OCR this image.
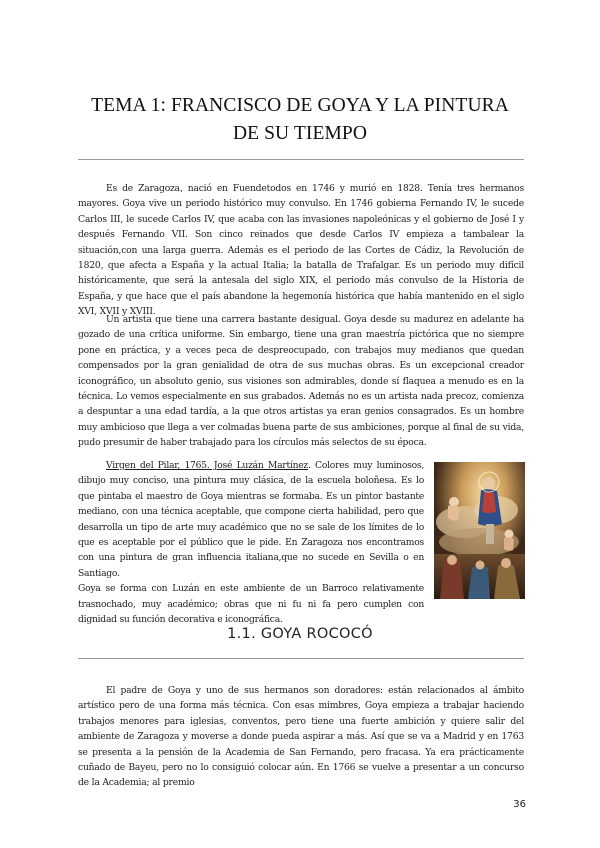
TEMA 1: FRANCISCO DE GOYA Y LA PINTURA
DE SU TIEMPO

Es de Zaragoza, nació en Fuendetodos en 1746 y murió en 1828. Tenía tres hermanos mayores. Goya vive un periodo histórico muy convulso. En 1746 gobierna Fernando IV, le sucede Carlos III, le sucede Carlos IV, que acaba con las invasiones napoleónicas y el gobierno de José I y después Fernando VII. Son cinco reinados que desde Carlos IV empieza a tambalear la situación,con una larga guerra. Además es el periodo de las Cortes de Cádiz, la Revolución de 1820, que afecta a España y la actual Italia; la batalla de Trafalgar. Es un periodo muy difícil históricamente, que será la antesala del siglo XIX, el periodo más convulso de la Historia de España, y que hace que el país abandone la hegemonía histórica que había mantenido en el siglo XVI, XVII y XVIII.

Un artista que tiene una carrera bastante desigual. Goya desde su madurez en adelante ha gozado de una crítica uniforme. Sin embargo, tiene una gran maestría pictórica que no siempre pone en práctica, y a veces peca de despreocupado, con trabajos muy medianos que quedan compensados por la gran genialidad de otra de sus muchas obras. Es un excepcional creador iconográfico, un absoluto genio, sus visiones son admirables, donde sí flaquea a menudo es en la técnica. Lo vemos especialmente en sus grabados. Además no es un artista nada precoz, comienza a despuntar a una edad tardía, a la que otros artistas ya eran genios consagrados. Es un hombre muy ambicioso que llega a ver colmadas buena parte de sus ambiciones, porque al final de su vida, pudo presumir de haber trabajado para los círculos más selectos de su época.

Virgen del Pilar, 1765. José Luzán Martínez. Colores muy luminosos, dibujo muy conciso, una pintura muy clásica, de la escuela boloñesa. Es lo que pintaba el maestro de Goya mientras se formaba. Es un pintor bastante mediano, con una técnica aceptable, que compone cierta habilidad, pero que desarrolla un tipo de arte muy académico que no se sale de los límites de lo que es aceptable por el público que le pide. En Zaragoza nos encontramos con una pintura de gran influencia italiana,que no sucede en Sevilla o en Santiago.
Goya se forma con Luzán en este ambiente de un Barroco relativamente trasnochado, muy académico; obras que ni fu ni fa pero cumplen con dignidad su función decorativa e iconográfica.

1.1. GOYA ROCOCÓ

El padre de Goya y uno de sus hermanos son doradores: están relacionados al ámbito artístico pero de una forma más técnica. Con esas mimbres, Goya empieza a trabajar haciendo trabajos menores para iglesias, conventos, pero tiene una fuerte ambición y quiere salir del ambiente de Zaragoza y moverse a donde pueda aspirar a más. Así que se va a Madrid y en 1763 se presenta a la pensión de la Academia de San Fernando, pero fracasa. Ya era prácticamente cuñado de Bayeu, pero no lo consiguió colocar aún. En 1766 se vuelve a presentar a un concurso de la Academia; al premio

36
